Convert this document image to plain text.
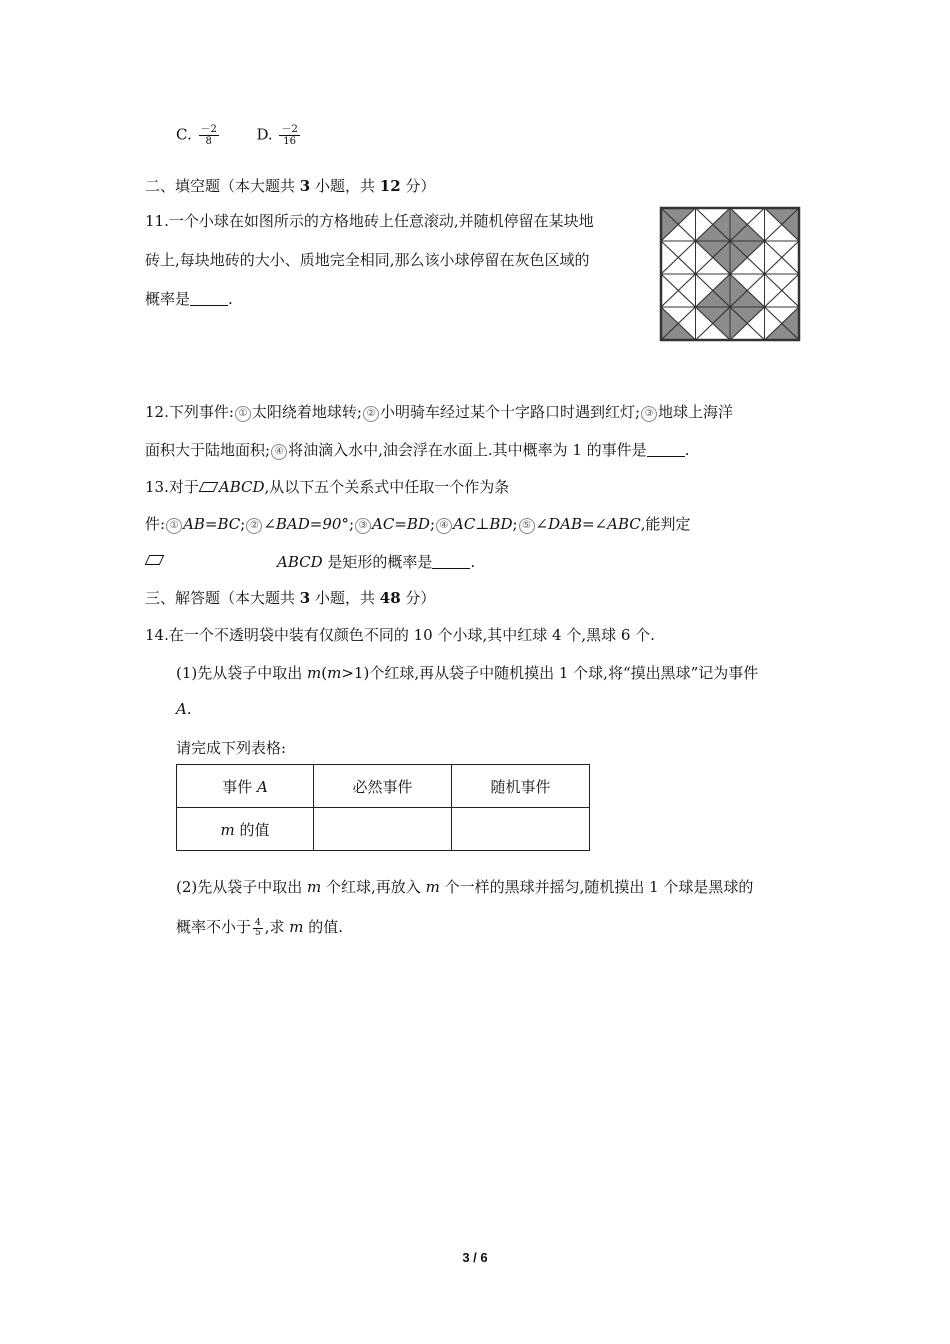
C. $\frac{-2}{8}$	D. $\frac{-2}{16}$
二、填空题（本大题共 3 小题，共 12 分）
11.一个小球在如图所示的方格地砖上任意滚动,并随机停留在某块地
砖上,每块地砖的大小、质地完全相同,那么该小球停留在灰色区域的
概率是	.
12.下列事件: ① 太阳绕着地球转; ② 小明骑车经过某个十字路口时遇到红灯; ③ 地球上海洋
面积大于陆地面积; ④ 将油滴入水中,油会浮在水面上.其中概率为 1 的事件是	.
13.对于 ABCD,从以下五个关系式中任取一个作为条
件: ① AB=BC; ② ∠BAD=90°; ③ AC=BD; ④ AC⊥BD; ⑤ ∠DAB=∠ABC,能判定
ABCD 是矩形的概率是	.
三、解答题（本大题共 3 小题，共 48 分）
14.在一个不透明袋中装有仅颜色不同的 10 个小球,其中红球 4 个,黑球 6 个.
(1)先从袋子中取出 m(m>1)个红球,再从袋子中随机摸出 1 个球,将“摸出黑球”记为事件
A.
请完成下列表格:
事件 A	必然事件	随机事件
m 的值		
(2)先从袋子中取出 m 个红球,再放入 m 个一样的黑球并摇匀,随机摸出 1 个球是黑球的
概率不小于 $\frac{4}{5}$ ,求 m 的值.
3 / 6
